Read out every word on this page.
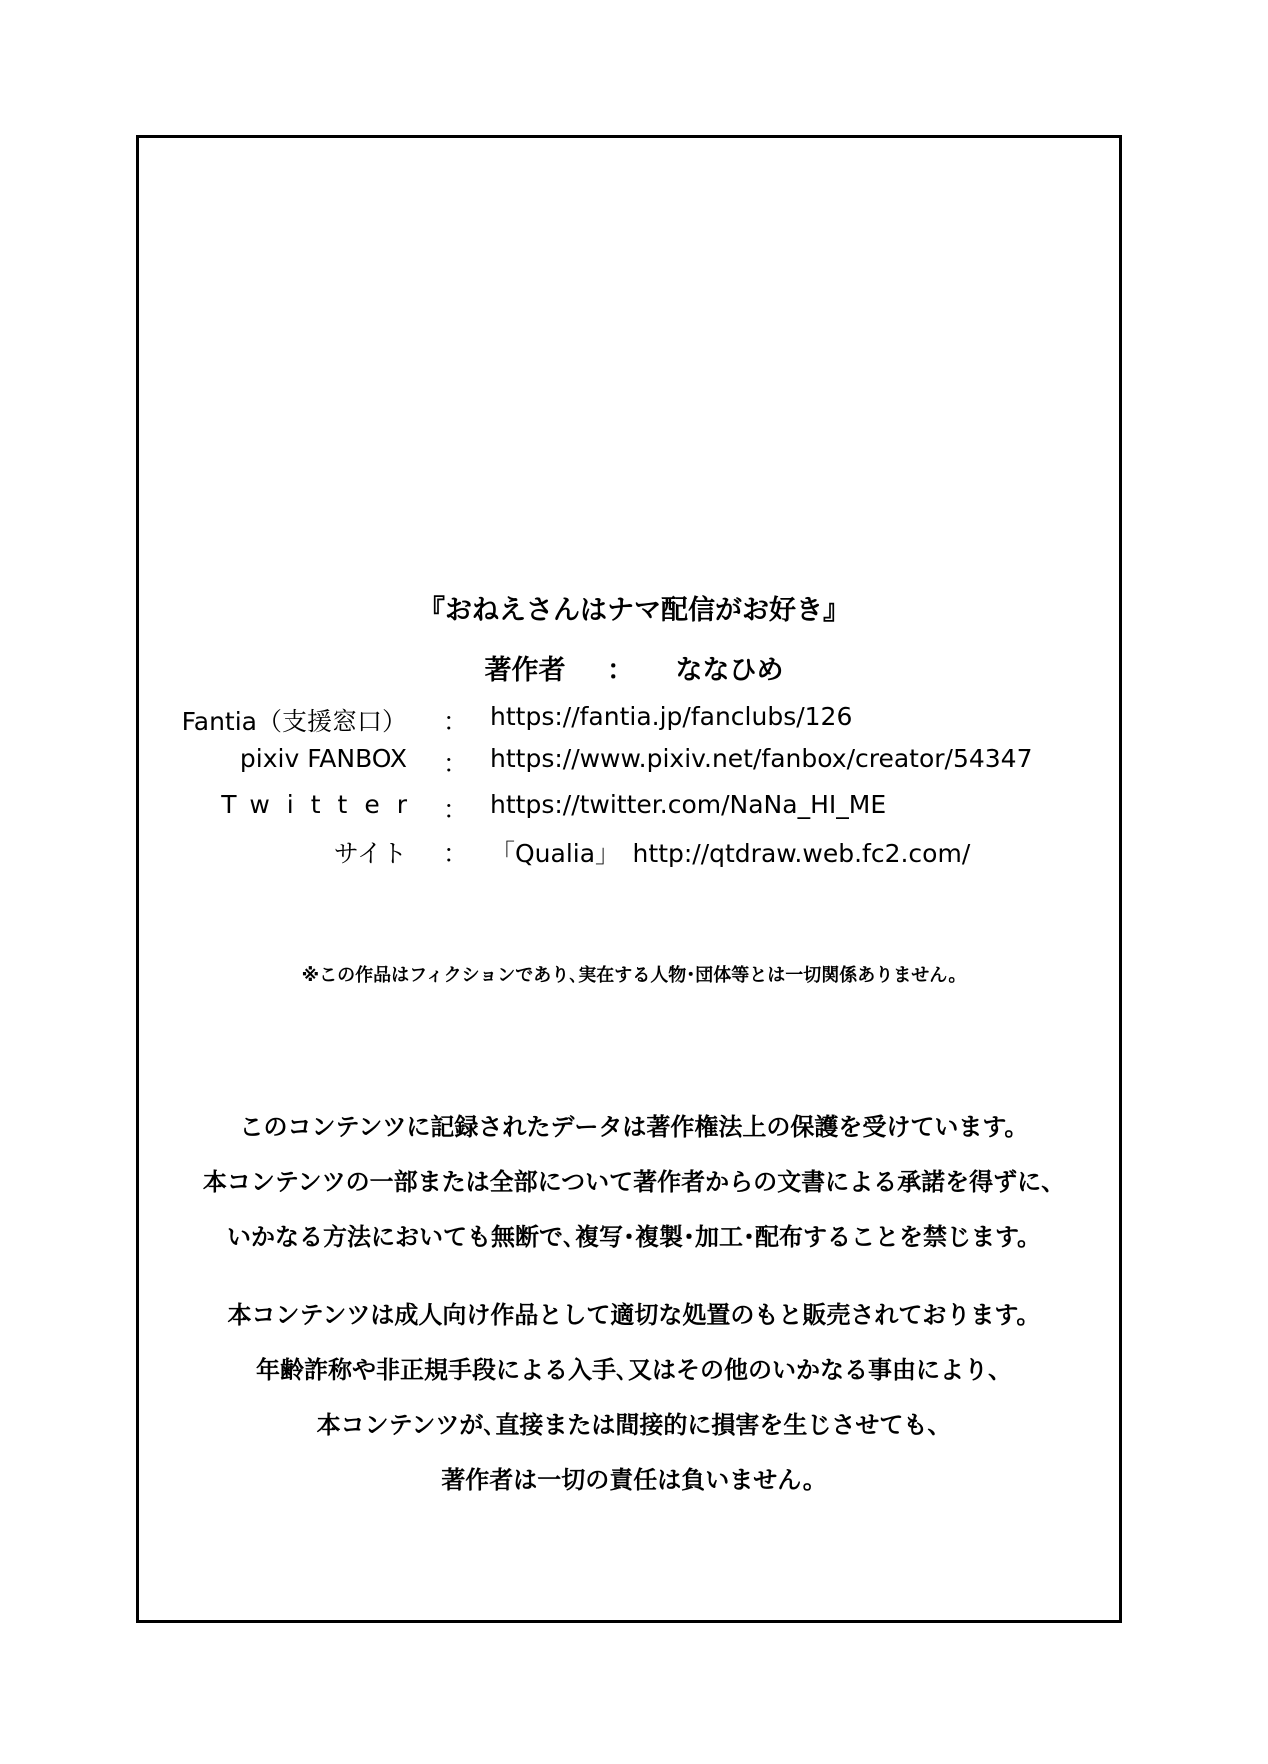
『おねえさんはナマ配信がお好き』
著作者 ： ななひめ
Fantia（支援窓口） ： https://fantia.jp/fanclubs/126
pixiv FANBOX ： https://www.pixiv.net/fanbox/creator/54347
Twitter ： https://twitter.com/NaNa_HI_ME
サイト ： 「Qualia」　http://qtdraw.web.fc2.com/
※この作品はフィクションであり､実在する人物･団体等とは一切関係ありません。
このコンテンツに記録されたデータは著作権法上の保護を受けています。
本コンテンツの一部または全部について著作者からの文書による承諾を得ずに、
いかなる方法においても無断で､複写･複製･加工･配布することを禁じます。
本コンテンツは成人向け作品として適切な処置のもと販売されております。
年齢詐称や非正規手段による入手､又はその他のいかなる事由により、
本コンテンツが､直接または間接的に損害を生じさせても、
著作者は一切の責任は負いません。
